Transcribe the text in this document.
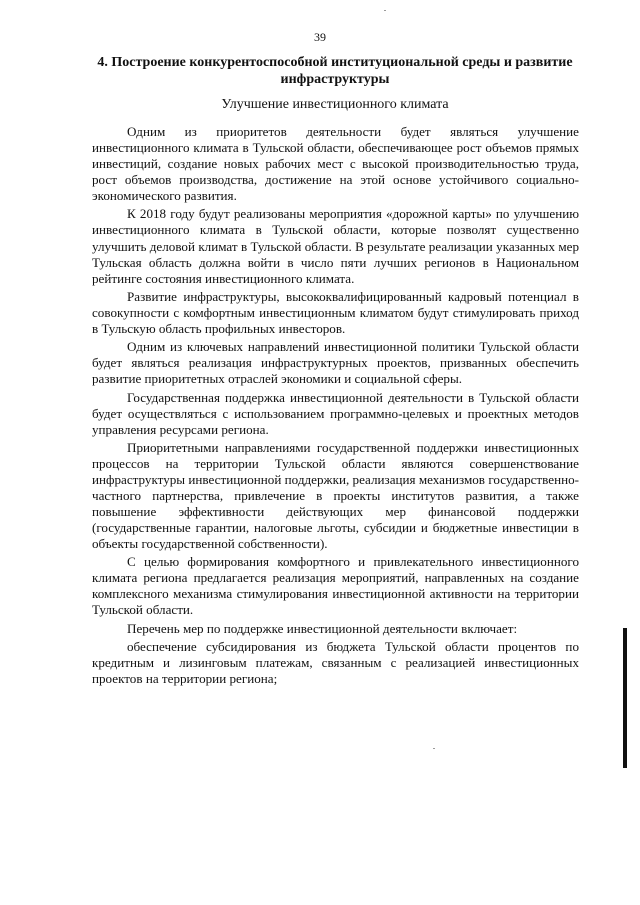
39
4. Построение конкурентоспособной институциональной среды и развитие инфраструктуры
Улучшение инвестиционного климата

Одним из приоритетов деятельности будет являться улучшение инвестиционного климата в Тульской области, обеспечивающее рост объемов прямых инвестиций, создание новых рабочих мест с высокой производительностью труда, рост объемов производства, достижение на этой основе устойчивого социально-экономического развития.

К 2018 году будут реализованы мероприятия «дорожной карты» по улучшению инвестиционного климата в Тульской области, которые позволят существенно улучшить деловой климат в Тульской области. В результате реализации указанных мер Тульская область должна войти в число пяти лучших регионов в Национальном рейтинге состояния инвестиционного климата.

Развитие инфраструктуры, высококвалифицированный кадровый потенциал в совокупности с комфортным инвестиционным климатом будут стимулировать приход в Тульскую область профильных инвесторов.

Одним из ключевых направлений инвестиционной политики Тульской области будет являться реализация инфраструктурных проектов, призванных обеспечить развитие приоритетных отраслей экономики и социальной сферы.

Государственная поддержка инвестиционной деятельности в Тульской области будет осуществляться с использованием программно-целевых и проектных методов управления ресурсами региона.

Приоритетными направлениями государственной поддержки инвестиционных процессов на территории Тульской области являются совершенствование инфраструктуры инвестиционной поддержки, реализация механизмов государственно-частного партнерства, привлечение в проекты институтов развития, а также повышение эффективности действующих мер финансовой поддержки (государственные гарантии, налоговые льготы, субсидии и бюджетные инвестиции в объекты государственной собственности).

С целью формирования комфортного и привлекательного инвестиционного климата региона предлагается реализация мероприятий, направленных на создание комплексного механизма стимулирования инвестиционной активности на территории Тульской области.

Перечень мер по поддержке инвестиционной деятельности включает:

обеспечение субсидирования из бюджета Тульской области процентов по кредитным и лизинговым платежам, связанным с реализацией инвестиционных проектов на территории региона;
